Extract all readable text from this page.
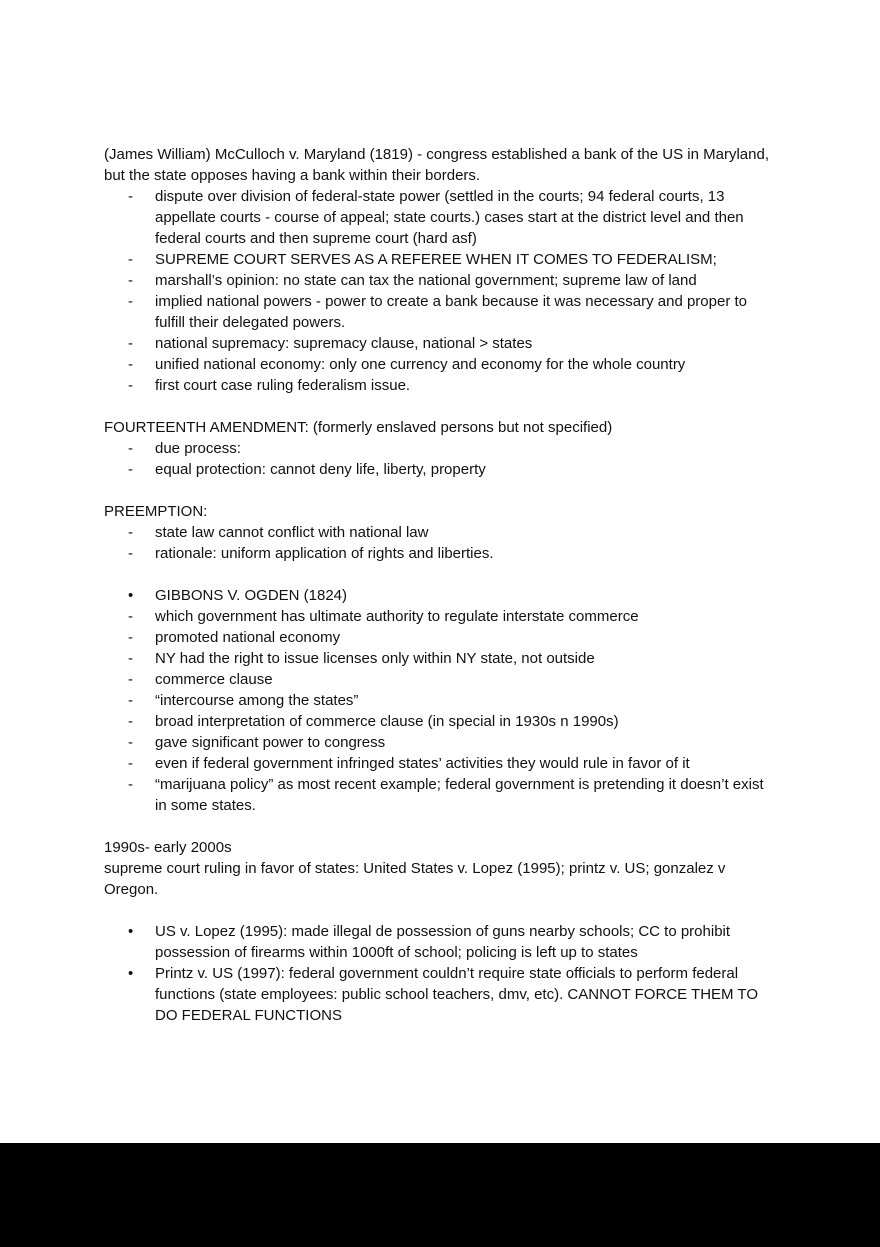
(James William) McCulloch v. Maryland (1819) - congress established a bank of the US in Maryland, but the state opposes having a bank within their borders.

-	dispute over division of federal-state power (settled in the courts; 94 federal courts, 13 appellate courts - course of appeal; state courts.) cases start at the district level and then federal courts and then supreme court (hard asf)
-	SUPREME COURT SERVES AS A REFEREE WHEN IT COMES TO FEDERALISM;
-	marshall’s opinion: no state can tax the national government; supreme law of land
-	implied national powers - power to create a bank because it was necessary and proper to fulfill their delegated powers.
-	national supremacy: supremacy clause, national > states
-	unified national economy: only one currency and economy for the whole country
-	first court case ruling federalism issue.

FOURTEENTH AMENDMENT: (formerly enslaved persons but not specified)

-	due process:
-	equal protection: cannot deny life, liberty, property

PREEMPTION:

-	state law cannot conflict with national law
-	rationale: uniform application of rights and liberties.
•	GIBBONS V. OGDEN (1824)
-	which government has ultimate authority to regulate interstate commerce
-	promoted national economy
-	NY had the right to issue licenses only within NY state, not outside
-	commerce clause
-	“intercourse among the states”
-	broad interpretation of commerce clause (in special in 1930s n 1990s)
-	gave significant power to congress
-	even if federal government infringed states’ activities they would rule in favor of it
-	“marijuana policy” as most recent example; federal government is pretending it doesn’t exist in some states.

1990s- early 2000s

supreme court ruling in favor of states: United States v. Lopez (1995); printz v. US; gonzalez v Oregon.

•	US v. Lopez (1995): made illegal de possession of guns nearby schools; CC to prohibit possession of firearms within 1000ft of school; policing is left up to states
•	Printz v. US (1997): federal government couldn’t require state officials to perform federal functions (state employees: public school teachers, dmv, etc). CANNOT FORCE THEM TO DO FEDERAL FUNCTIONS
